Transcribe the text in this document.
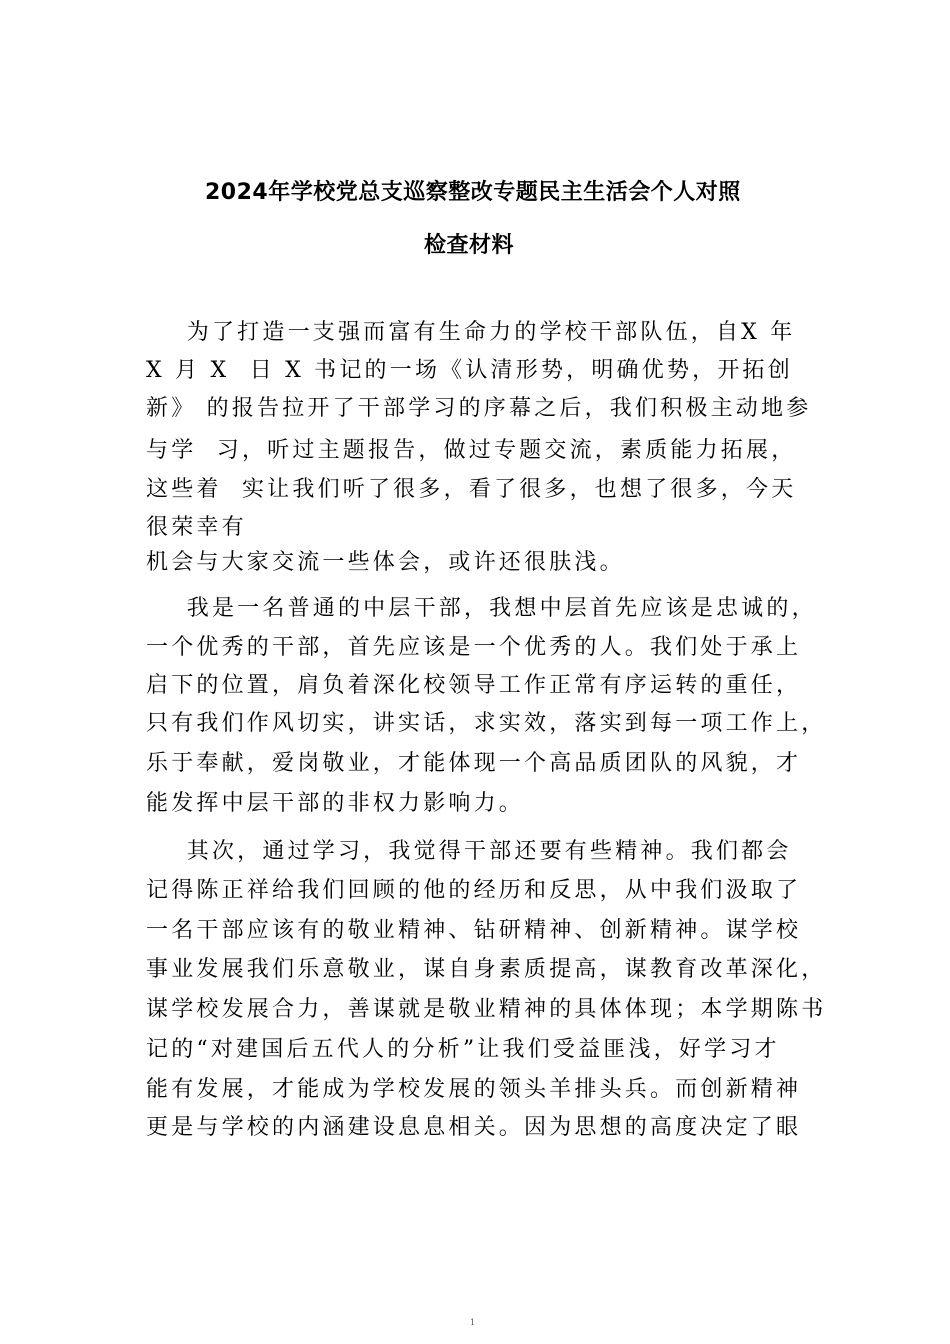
2024年学校党总支巡察整改专题民主生活会个人对照
检查材料
为了打造一支强而富有生命力的学校干部队伍，自X 年
X 月 X  日 X 书记的一场《认清形势，明确优势，开拓创
新》 的报告拉开了干部学习的序幕之后，我们积极主动地参
与学  习，听过主题报告，做过专题交流，素质能力拓展，
这些着  实让我们听了很多，看了很多，也想了很多，今天
很荣幸有
机会与大家交流一些体会，或许还很肤浅。
我是一名普通的中层干部，我想中层首先应该是忠诚的，
一个优秀的干部，首先应该是一个优秀的人。我们处于承上
启下的位置，肩负着深化校领导工作正常有序运转的重任，
只有我们作风切实，讲实话，求实效，落实到每一项工作上，
乐于奉献，爱岗敬业，才能体现一个高品质团队的风貌，才
能发挥中层干部的非权力影响力。
其次，通过学习，我觉得干部还要有些精神。我们都会
记得陈正祥给我们回顾的他的经历和反思，从中我们汲取了
一名干部应该有的敬业精神、钻研精神、创新精神。谋学校
事业发展我们乐意敬业，谋自身素质提高，谋教育改革深化，
谋学校发展合力，善谋就是敬业精神的具体体现；本学期陈书
记的“对建国后五代人的分析”让我们受益匪浅，好学习才
能有发展，才能成为学校发展的领头羊排头兵。而创新精神
更是与学校的内涵建设息息相关。因为思想的高度决定了眼
1
